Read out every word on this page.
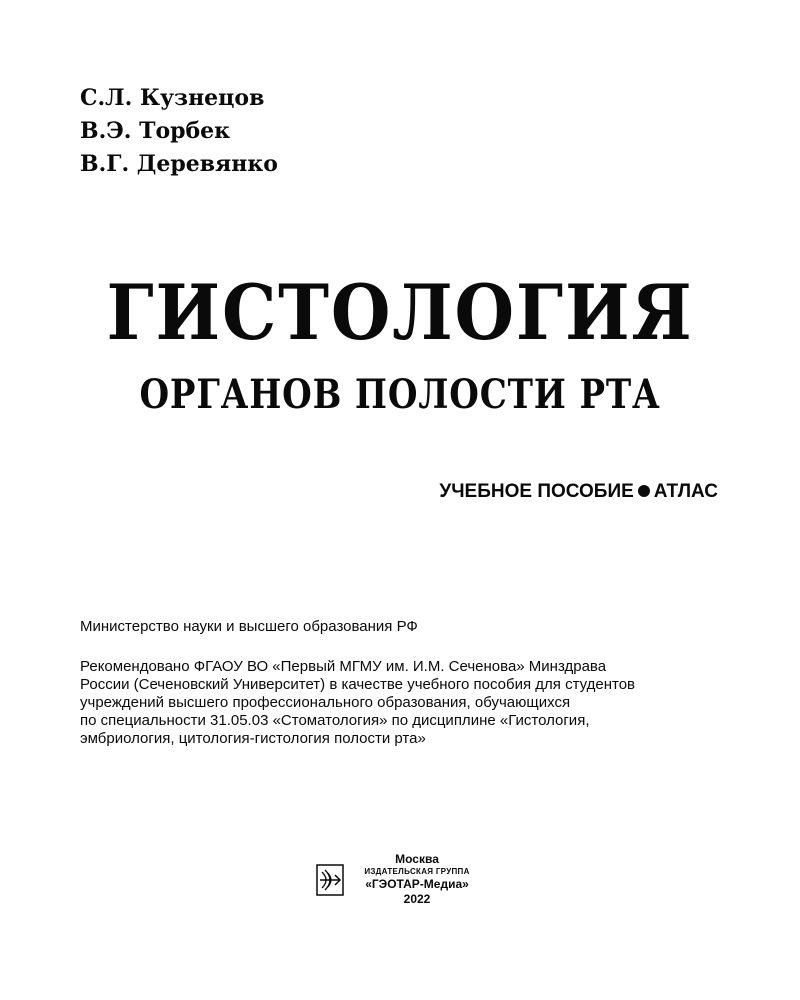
С.Л. Кузнецов
В.Э. Торбек
В.Г. Деревянко
ГИСТОЛОГИЯ
ОРГАНОВ ПОЛОСТИ РТА
УЧЕБНОЕ ПОСОБИЕ АТЛАС
Министерство науки и высшего образования РФ
Рекомендовано ФГАОУ ВО «Первый МГМУ им. И.М. Сеченова» Минздрава
России (Сеченовский Университет) в качестве учебного пособия для студентов
учреждений высшего профессионального образования, обучающихся
по специальности 31.05.03 «Стоматология» по дисциплине «Гистология,
эмбриология, цитология-гистология полости рта»
Москва
ИЗДАТЕЛЬСКАЯ ГРУППА
«ГЭОТАР-Медиа»
2022
